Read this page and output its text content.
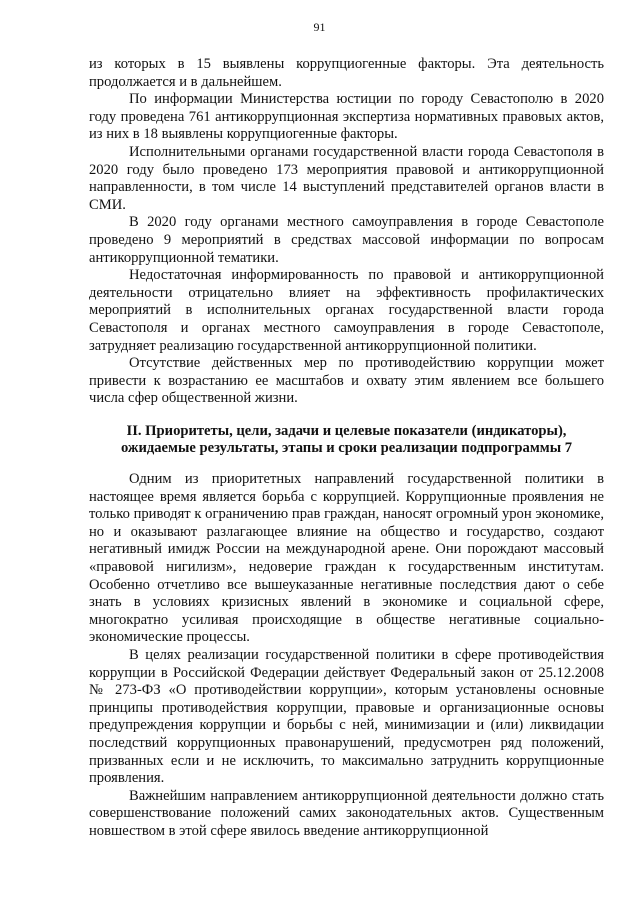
91

из которых в 15 выявлены коррупциогенные факторы. Эта деятельность продолжается и в дальнейшем.

По информации Министерства юстиции по городу Севастополю в 2020 году проведена 761 антикоррупционная экспертиза нормативных правовых актов, из них в 18 выявлены коррупциогенные факторы.

Исполнительными органами государственной власти города Севастополя в 2020 году было проведено 173 мероприятия правовой и антикоррупционной направленности, в том числе 14 выступлений представителей органов власти в СМИ.

В 2020 году органами местного самоуправления в городе Севастополе проведено 9 мероприятий в средствах массовой информации по вопросам антикоррупционной тематики.

Недостаточная информированность по правовой и антикоррупционной деятельности отрицательно влияет на эффективность профилактических мероприятий в исполнительных органах государственной власти города Севастополя и органах местного самоуправления в городе Севастополе, затрудняет реализацию государственной антикоррупционной политики.

Отсутствие действенных мер по противодействию коррупции может привести к возрастанию ее масштабов и охвату этим явлением все большего числа сфер общественной жизни.

II. Приоритеты, цели, задачи и целевые показатели (индикаторы), ожидаемые результаты, этапы и сроки реализации подпрограммы 7

Одним из приоритетных направлений государственной политики в настоящее время является борьба с коррупцией. Коррупционные проявления не только приводят к ограничению прав граждан, наносят огромный урон экономике, но и оказывают разлагающее влияние на общество и государство, создают негативный имидж России на международной арене. Они порождают массовый «правовой нигилизм», недоверие граждан к государственным институтам. Особенно отчетливо все вышеуказанные негативные последствия дают о себе знать в условиях кризисных явлений в экономике и социальной сфере, многократно усиливая происходящие в обществе негативные социально-экономические процессы.

В целях реализации государственной политики в сфере противодействия коррупции в Российской Федерации действует Федеральный закон от 25.12.2008 № 273-ФЗ «О противодействии коррупции», которым установлены основные принципы противодействия коррупции, правовые и организационные основы предупреждения коррупции и борьбы с ней, минимизации и (или) ликвидации последствий коррупционных правонарушений, предусмотрен ряд положений, призванных если и не исключить, то максимально затруднить коррупционные проявления.

Важнейшим направлением антикоррупционной деятельности должно стать совершенствование положений самих законодательных актов. Существенным новшеством в этой сфере явилось введение антикоррупционной
